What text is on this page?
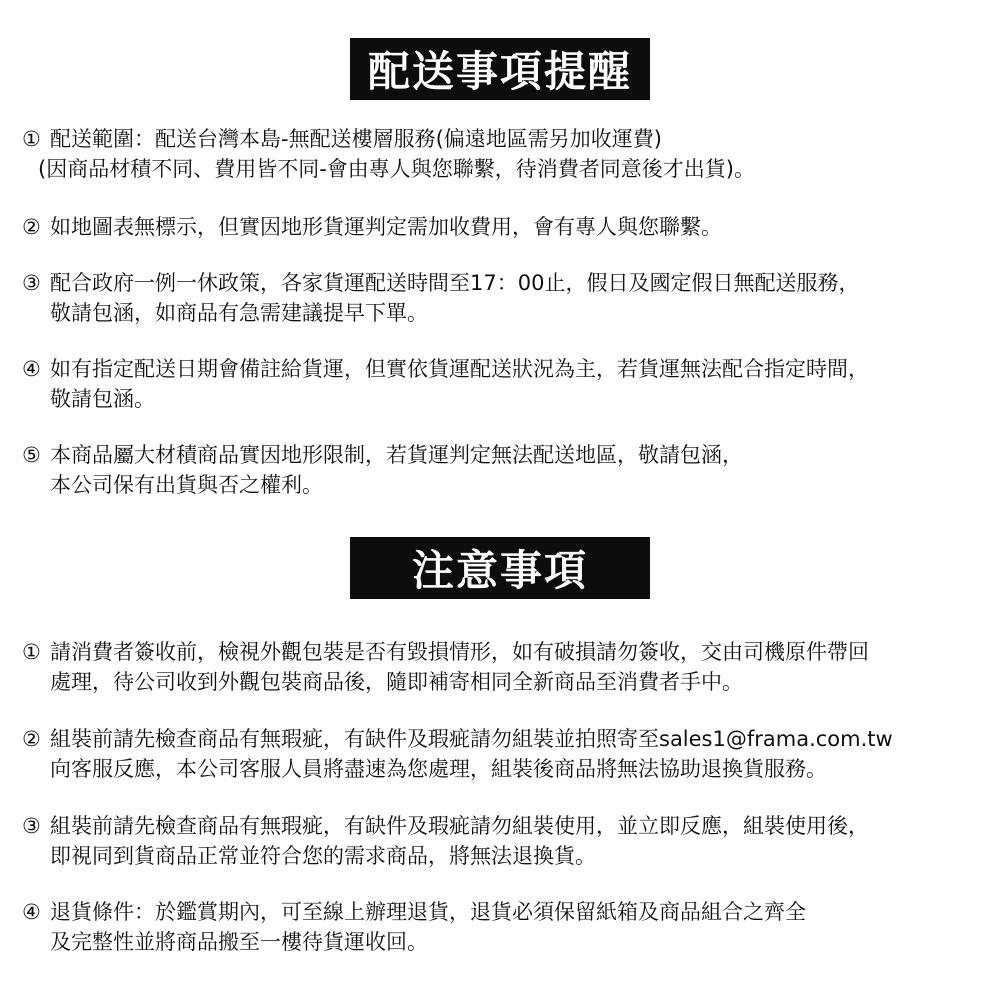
配送事項提醒
① 配送範圍：配送台灣本島-無配送樓層服務(偏遠地區需另加收運費)
(因商品材積不同、費用皆不同-會由專人與您聯繫，待消費者同意後才出貨)。
② 如地圖表無標示，但實因地形貨運判定需加收費用，會有專人與您聯繫。
③ 配合政府一例一休政策，各家貨運配送時間至17：00止，假日及國定假日無配送服務，
敬請包涵，如商品有急需建議提早下單。
④ 如有指定配送日期會備註給貨運，但實依貨運配送狀況為主，若貨運無法配合指定時間，
敬請包涵。
⑤ 本商品屬大材積商品實因地形限制，若貨運判定無法配送地區，敬請包涵，
本公司保有出貨與否之權利。
注意事項
① 請消費者簽收前，檢視外觀包裝是否有毀損情形，如有破損請勿簽收，交由司機原件帶回
處理，待公司收到外觀包裝商品後，隨即補寄相同全新商品至消費者手中。
② 組裝前請先檢查商品有無瑕疵，有缺件及瑕疵請勿組裝並拍照寄至sales1@frama.com.tw
向客服反應，本公司客服人員將盡速為您處理，組裝後商品將無法協助退換貨服務。
③ 組裝前請先檢查商品有無瑕疵，有缺件及瑕疵請勿組裝使用，並立即反應，組裝使用後，
即視同到貨商品正常並符合您的需求商品，將無法退換貨。
④ 退貨條件：於鑑賞期內，可至線上辦理退貨，退貨必須保留紙箱及商品組合之齊全
及完整性並將商品搬至一樓待貨運收回。
